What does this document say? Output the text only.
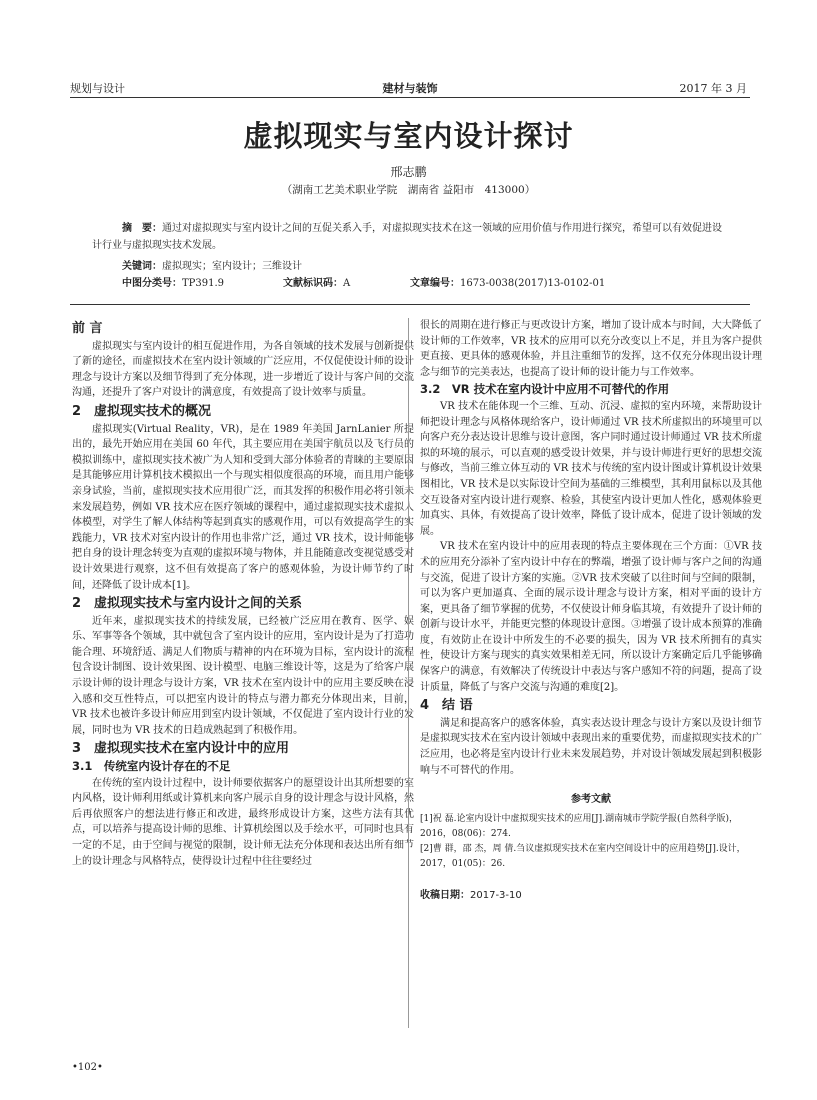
规划与设计	建材与装饰	2017 年 3 月
虚拟现实与室内设计探讨
邢志鹏
（湖南工艺美术职业学院　湖南省 益阳市　413000）
摘　要：通过对虚拟现实与室内设计之间的互促关系入手，对虚拟现实技术在这一领域的应用价值与作用进行探究，希望可以有效促进设计行业与虚拟现实技术发展。
关键词：虚拟现实；室内设计；三维设计
中图分类号：TP391.9	文献标识码：A	文章编号：1673-0038(2017)13-0102-01
前 言

虚拟现实与室内设计的相互促进作用，为各自领域的技术发展与创新提供了新的途径，而虚拟技术在室内设计领域的广泛应用，不仅促使设计师的设计理念与设计方案以及细节得到了充分体现，进一步增近了设计与客户间的交流沟通，还提升了客户对设计的满意度，有效提高了设计效率与质量。

2　虚拟现实技术的概况

虚拟现实(Virtual Reality，VR)，是在 1989 年美国 JarnLanier 所提出的，最先开始应用在美国 60 年代，其主要应用在美国宇航员以及飞行员的模拟训练中，虚拟现实技术被广为人知和受到大部分体验者的青睐的主要原因是其能够应用计算机技术模拟出一个与现实相似度很高的环境，而且用户能够亲身试验，当前，虚拟现实技术应用很广泛，而其发挥的积极作用必将引领未来发展趋势，例如 VR 技术应在医疗领域的课程中，通过虚拟现实技术虚拟人体模型，对学生了解人体结构等起到真实的感观作用，可以有效提高学生的实践能力，VR 技术对室内设计的作用也非常广泛，通过 VR 技术，设计师能够把自身的设计理念转变为直观的虚拟环境与物体，并且能随意改变视觉感受对设计效果进行观察，这不但有效提高了客户的感观体验，为设计师节约了时间，还降低了设计成本[1]。

2　虚拟现实技术与室内设计之间的关系

近年来，虚拟现实技术的持续发展，已经被广泛应用在教育、医学、娱乐、军事等各个领域，其中就包含了室内设计的应用，室内设计是为了打造功能合理、环境舒适、满足人们物质与精神的内在环境为目标，室内设计的流程包含设计制图、设计效果图、设计模型、电脑三维设计等，这是为了给客户展示设计师的设计理念与设计方案，VR 技术在室内设计中的应用主要反映在浸入感和交互性特点，可以把室内设计的特点与潜力都充分体现出来，目前，VR 技术也被许多设计师应用到室内设计领域，不仅促进了室内设计行业的发展，同时也为 VR 技术的日趋成熟起到了积极作用。

3　虚拟现实技术在室内设计中的应用
3.1　传统室内设计存在的不足

在传统的室内设计过程中，设计师要依据客户的愿望设计出其所想要的室内风格，设计师利用纸或计算机来向客户展示自身的设计理念与设计风格，然后再依照客户的想法进行修正和改进，最终形成设计方案，这些方法有其优点，可以培养与提高设计师的思维、计算机绘图以及手绘水平，可同时也具有一定的不足，由于空间与视觉的限制，设计师无法充分体现和表达出所有细节上的设计理念与风格特点，使得设计过程中往往要经过

很长的周期在进行修正与更改设计方案，增加了设计成本与时间，大大降低了设计师的工作效率，VR 技术的应用可以充分改变以上不足，并且为客户提供更直接、更具体的感观体验，并且注重细节的发挥，这不仅充分体现出设计理念与细节的完美表达，也提高了设计师的设计能力与工作效率。

3.2　VR 技术在室内设计中应用不可替代的作用

VR 技术在能体现一个三维、互动、沉浸、虚拟的室内环境，来帮助设计师把设计理念与风格体现给客户，设计师通过 VR 技术所虚拟出的环境里可以向客户充分表达设计思维与设计意图，客户同时通过设计师通过 VR 技术所虚拟的环境的展示，可以直观的感受设计效果，并与设计师进行更好的思想交流与修改，当前三维立体互动的 VR 技术与传统的室内设计图或计算机设计效果图相比，VR 技术是以实际设计空间为基础的三维模型，其利用鼠标以及其他交互设备对室内设计进行观察、检验，其使室内设计更加人性化，感观体验更加真实、具体，有效提高了设计效率，降低了设计成本，促进了设计领域的发展。

VR 技术在室内设计中的应用表现的特点主要体现在三个方面：①VR 技术的应用充分添补了室内设计中存在的弊端，增强了设计师与客户之间的沟通与交流，促进了设计方案的实施。②VR 技术突破了以往时间与空间的限制，可以为客户更加逼真、全面的展示设计理念与设计方案，相对平面的设计方案，更具备了细节掌握的优势，不仅使设计师身临其境，有效提升了设计师的创新与设计水平，并能更完整的体现设计意图。③增强了设计成本预算的准确度，有效防止在设计中所发生的不必要的损失，因为 VR 技术所拥有的真实性，使设计方案与现实的真实效果相差无同，所以设计方案确定后几乎能够确保客户的满意，有效解决了传统设计中表达与客户感知不符的问题，提高了设计质量，降低了与客户交流与沟通的难度[2]。

4　结 语

满足和提高客户的感客体验，真实表达设计理念与设计方案以及设计细节是虚拟现实技术在室内设计领域中表现出来的重要优势，而虚拟现实技术的广泛应用，也必将是室内设计行业未来发展趋势，并对设计领域发展起到积极影响与不可替代的作用。

参考文献
[1]祝 磊.论室内设计中虚拟现实技术的应用[J].湖南城市学院学报(自然科学版)，2016，08(06)：274.
[2]曹 群，邵 杰，周 倩.刍议虚拟现实技术在室内空间设计中的应用趋势[J].设计，2017，01(05)：26.
收稿日期：2017-3-10
•102•
